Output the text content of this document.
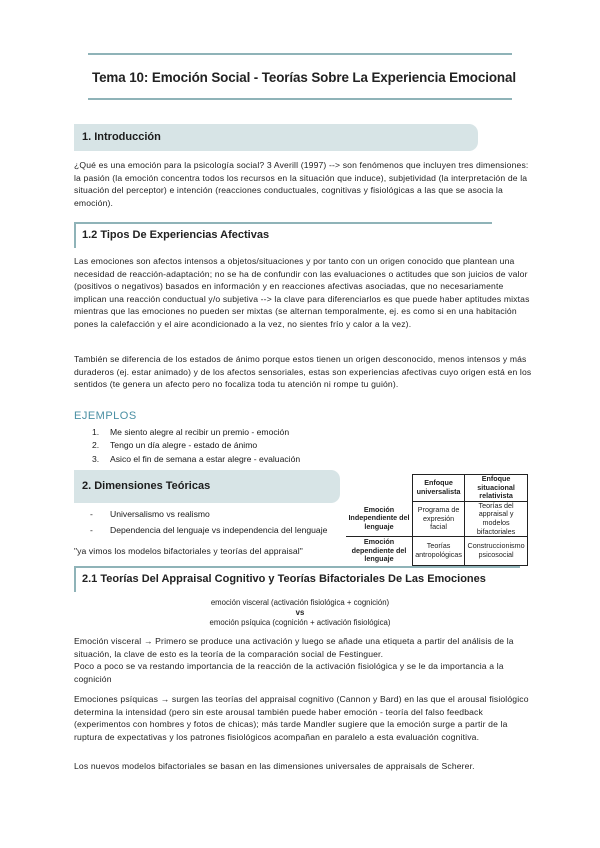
Tema 10: Emoción Social - Teorías Sobre La Experiencia Emocional
1. Introducción

¿Qué es una emoción para la psicología social? 3 Averill (1997) --> son fenómenos que incluyen tres dimensiones: la pasión (la emoción concentra todos los recursos en la situación que induce), subjetividad (la interpretación de la situación del perceptor) e intención (reacciones conductuales, cognitivas y fisiológicas a las que se asocia la emoción).

1.2 Tipos De Experiencias Afectivas

Las emociones son afectos intensos a objetos/situaciones y por tanto con un origen conocido que plantean una necesidad de reacción-adaptación; no se ha de confundir con las evaluaciones o actitudes que son juicios de valor (positivos o negativos) basados en información y en reacciones afectivas asociadas, que no necesariamente implican una reacción conductual y/o subjetiva --> la clave para diferenciarlos es que puede haber aptitudes mixtas mientras que las emociones no pueden ser mixtas (se alternan temporalmente, ej. es como si en una habitación pones la calefacción y el aire acondicionado a la vez, no sientes frío y calor a la vez).

También se diferencia de los estados de ánimo porque estos tienen un origen desconocido, menos intensos y más duraderos (ej. estar animado) y de los afectos sensoriales, estas son experiencias afectivas cuyo origen está en los sentidos (te genera un afecto pero no focaliza toda tu atención ni rompe tu guión).

EJEMPLOS
1. Me siento alegre al recibir un premio - emoción
2. Tengo un día alegre - estado de ánimo
3. Asico el fin de semana a estar alegre - evaluación
2. Dimensiones Teóricas
- Universalismo vs realismo
- Dependencia del lenguaje vs independencia del lenguaje
"ya vimos los modelos bifactoriales y teorías del appraisal"
	Enfoque universalista	Enfoque situacional relativista
Emoción Independiente del lenguaje	Programa de expresión facial	Teorías del appraisal y modelos bifactoriales
Emoción dependiente del lenguaje	Teorías antropológicas	Construccionismo psicosocial
2.1 Teorías Del Appraisal Cognitivo y Teorías Bifactoriales De Las Emociones
emoción visceral (activación fisiológica + cognición)
vs
emoción psíquica (cognición + activación fisiológica)

Emoción visceral → Primero se produce una activación y luego se añade una etiqueta a partir del análisis de la situación, la clave de esto es la teoría de la comparación social de Festinguer.

Poco a poco se va restando importancia de la reacción de la activación fisiológica y se le da importancia a la cognición

Emociones psíquicas → surgen las teorías del appraisal cognitivo (Cannon y Bard) en las que el arousal fisiológico determina la intensidad (pero sin este arousal también puede haber emoción - teoría del falso feedback (experimentos con hombres y fotos de chicas); más tarde Mandler sugiere que la emoción surge a partir de la ruptura de expectativas y los patrones fisiológicos acompañan en paralelo a esta evaluación cognitiva.

Los nuevos modelos bifactoriales se basan en las dimensiones universales de appraisals de Scherer.
